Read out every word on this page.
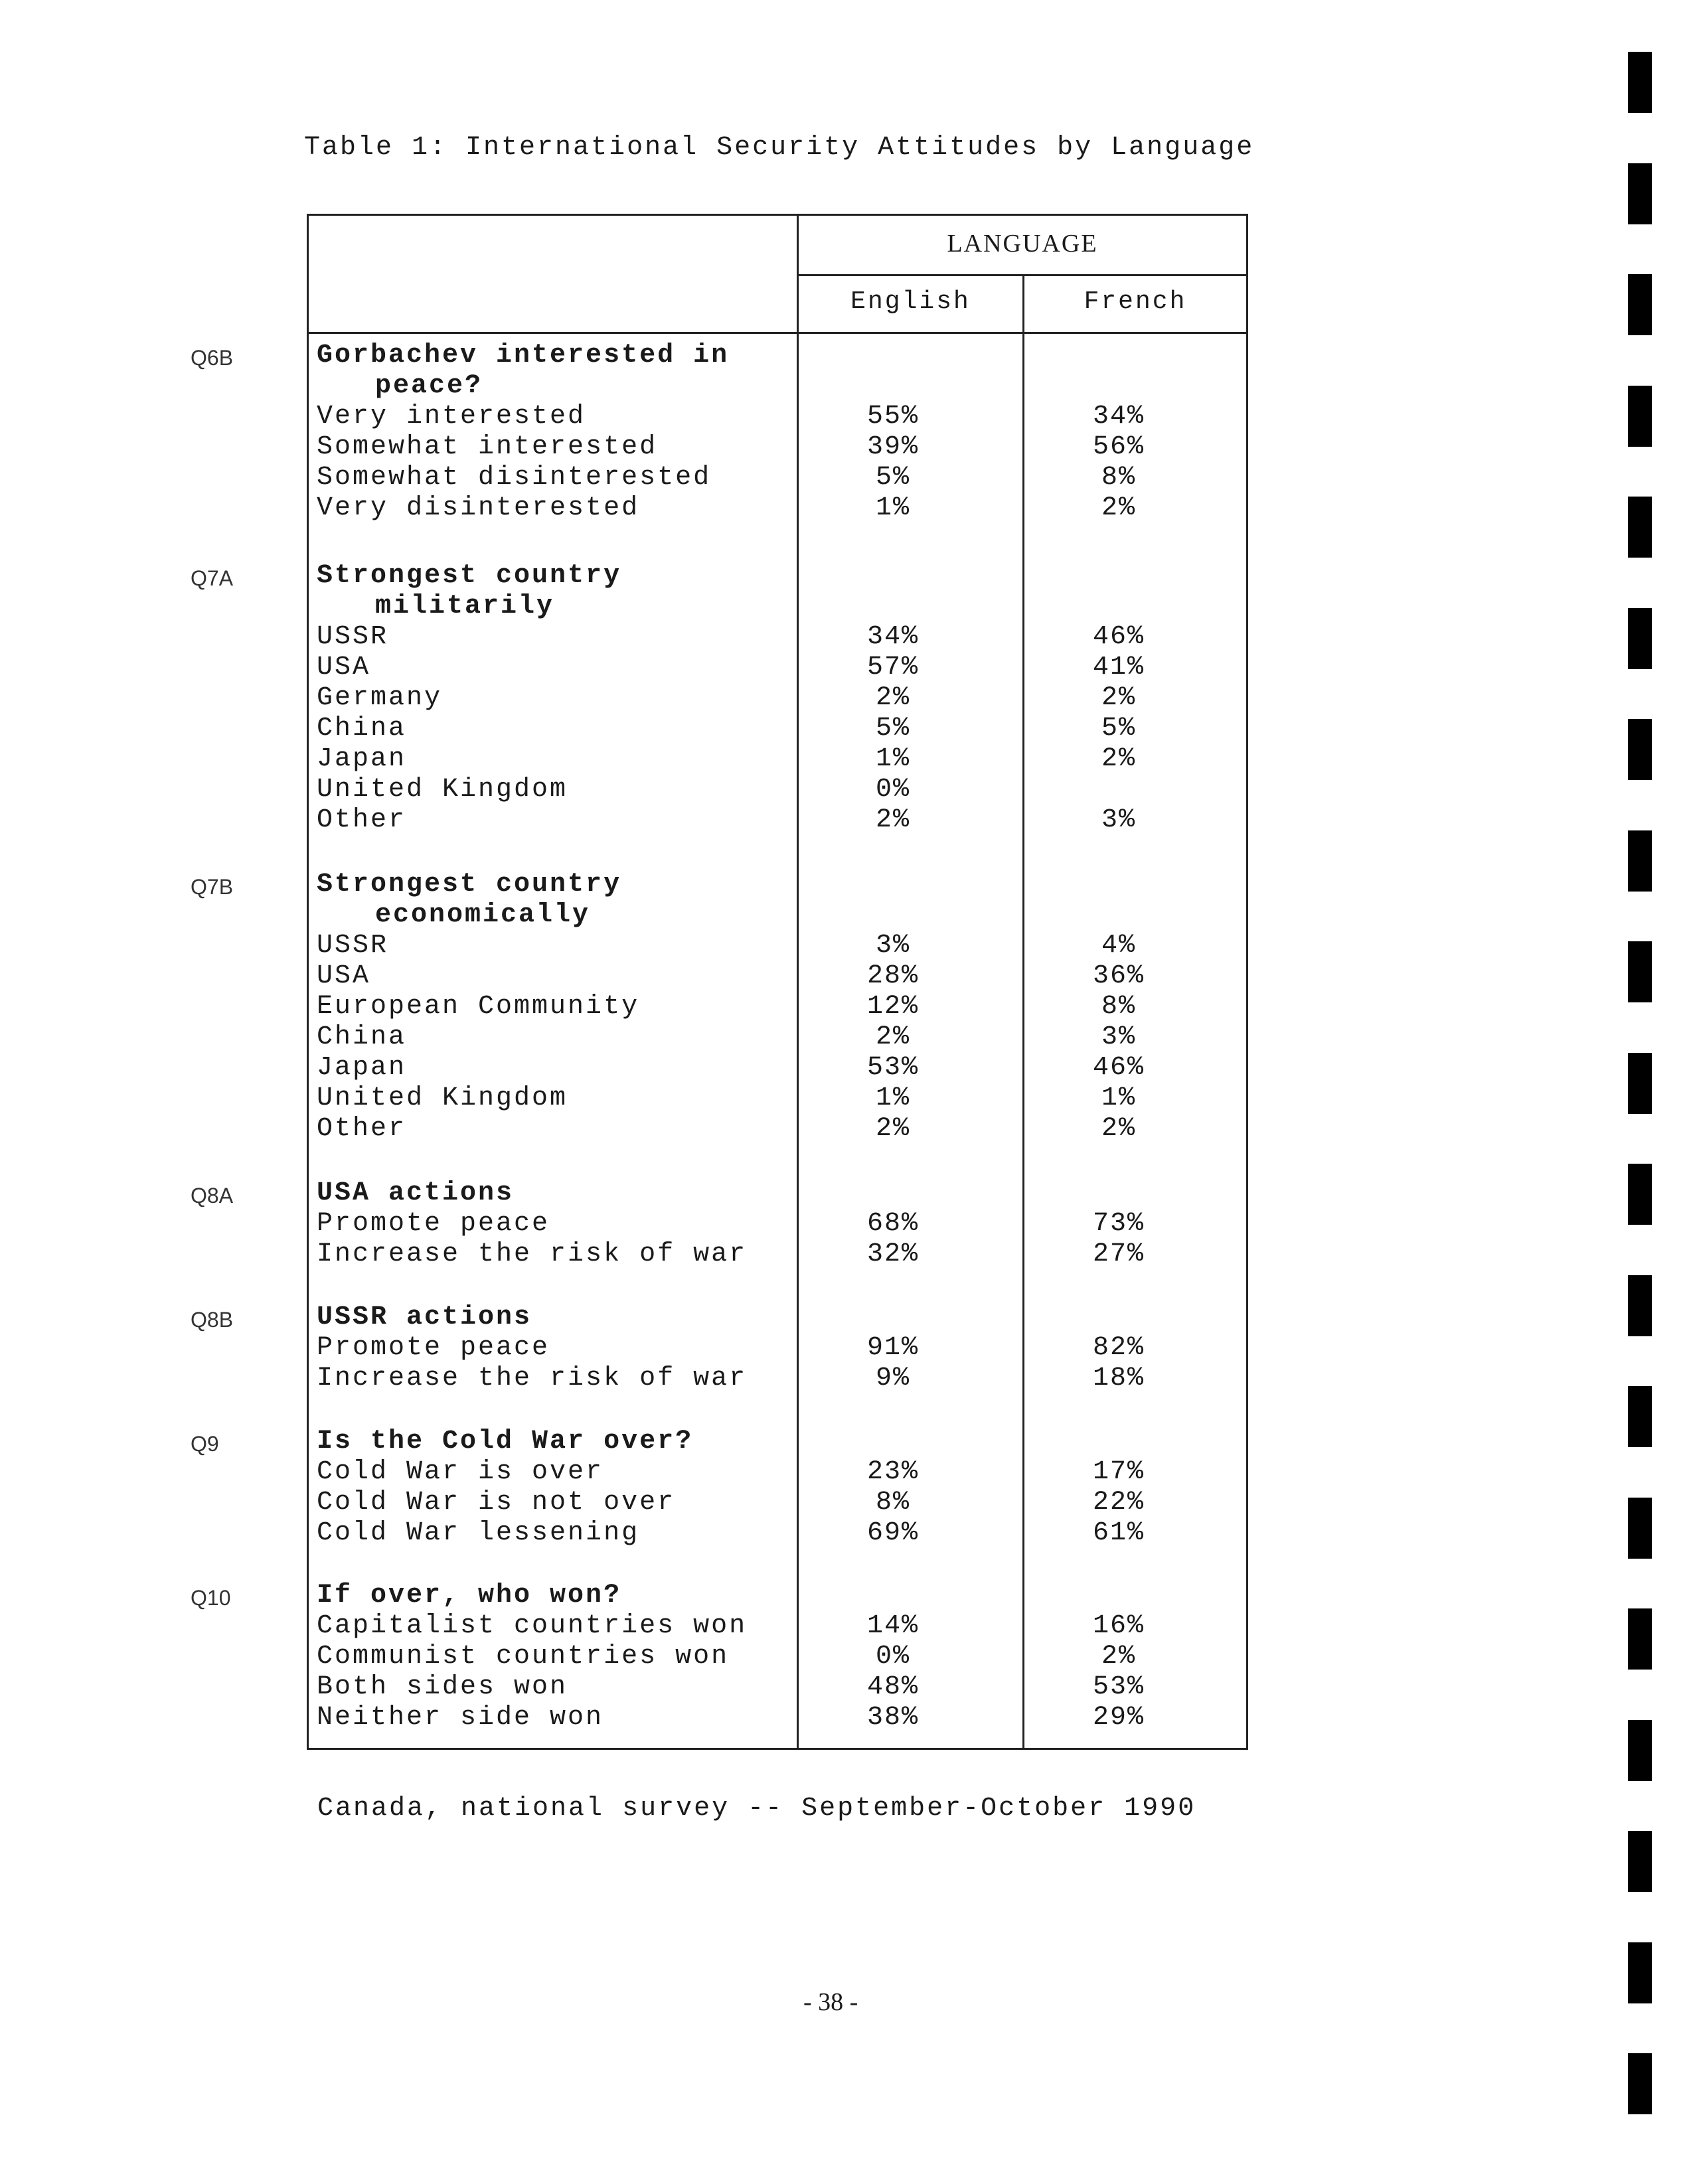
Table 1: International Security Attitudes by Language
LANGUAGE
English	French
Q6B	Gorbachev interested in
peace?
Very interested	55%	34%
Somewhat interested	39%	56%
Somewhat disinterested	5%	8%
Very disinterested	1%	2%
Q7A	Strongest country
militarily
USSR	34%	46%
USA	57%	41%
Germany	2%	2%
China	5%	5%
Japan	1%	2%
United Kingdom	0%
Other	2%	3%
Q7B	Strongest country
economically
USSR	3%	4%
USA	28%	36%
European Community	12%	8%
China	2%	3%
Japan	53%	46%
United Kingdom	1%	1%
Other	2%	2%
Q8A	USA actions
Promote peace	68%	73%
Increase the risk of war	32%	27%
Q8B	USSR actions
Promote peace	91%	82%
Increase the risk of war	9%	18%
Q9	Is the Cold War over?
Cold War is over	23%	17%
Cold War is not over	8%	22%
Cold War lessening	69%	61%
Q10	If over, who won?
Capitalist countries won	14%	16%
Communist countries won	0%	2%
Both sides won	48%	53%
Neither side won	38%	29%
Canada, national survey -- September-October 1990
- 38 -
